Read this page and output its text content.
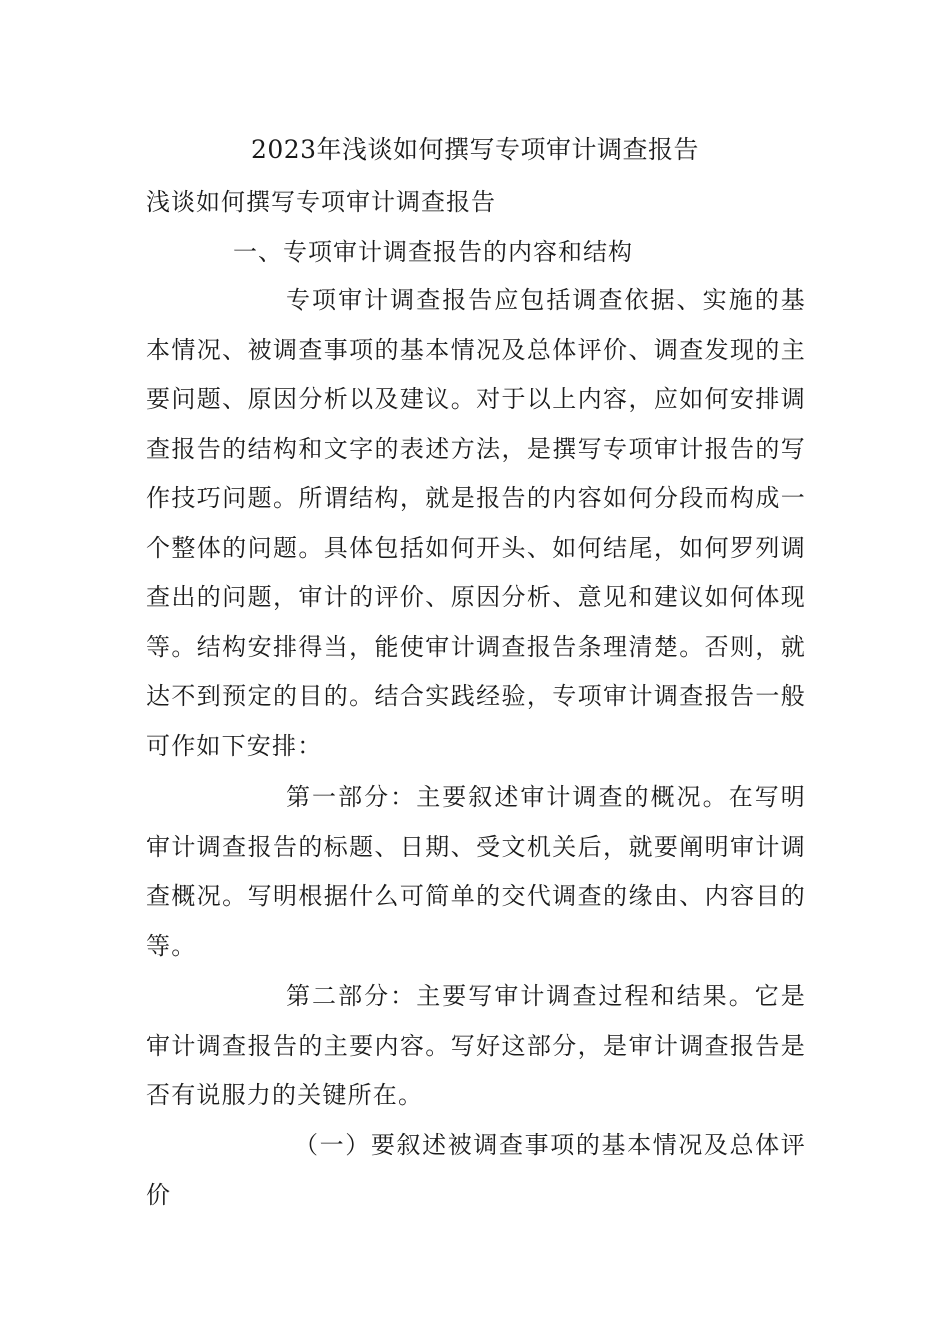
2023年浅谈如何撰写专项审计调查报告
浅谈如何撰写专项审计调查报告
一、专项审计调查报告的内容和结构
专项审计调查报告应包括调查依据、实施的基本情况、被调查事项的基本情况及总体评价、调查发现的主要问题、原因分析以及建议。对于以上内容，应如何安排调查报告的结构和文字的表述方法，是撰写专项审计报告的写作技巧问题。所谓结构，就是报告的内容如何分段而构成一个整体的问题。具体包括如何开头、如何结尾，如何罗列调查出的问题，审计的评价、原因分析、意见和建议如何体现等。结构安排得当，能使审计调查报告条理清楚。否则，就达不到预定的目的。结合实践经验，专项审计调查报告一般可作如下安排：
第一部分：主要叙述审计调查的概况。在写明审计调查报告的标题、日期、受文机关后，就要阐明审计调查概况。写明根据什么可简单的交代调查的缘由、内容目的等。
第二部分：主要写审计调查过程和结果。它是审计调查报告的主要内容。写好这部分，是审计调查报告是否有说服力的关键所在。
（一）要叙述被调查事项的基本情况及总体评价
